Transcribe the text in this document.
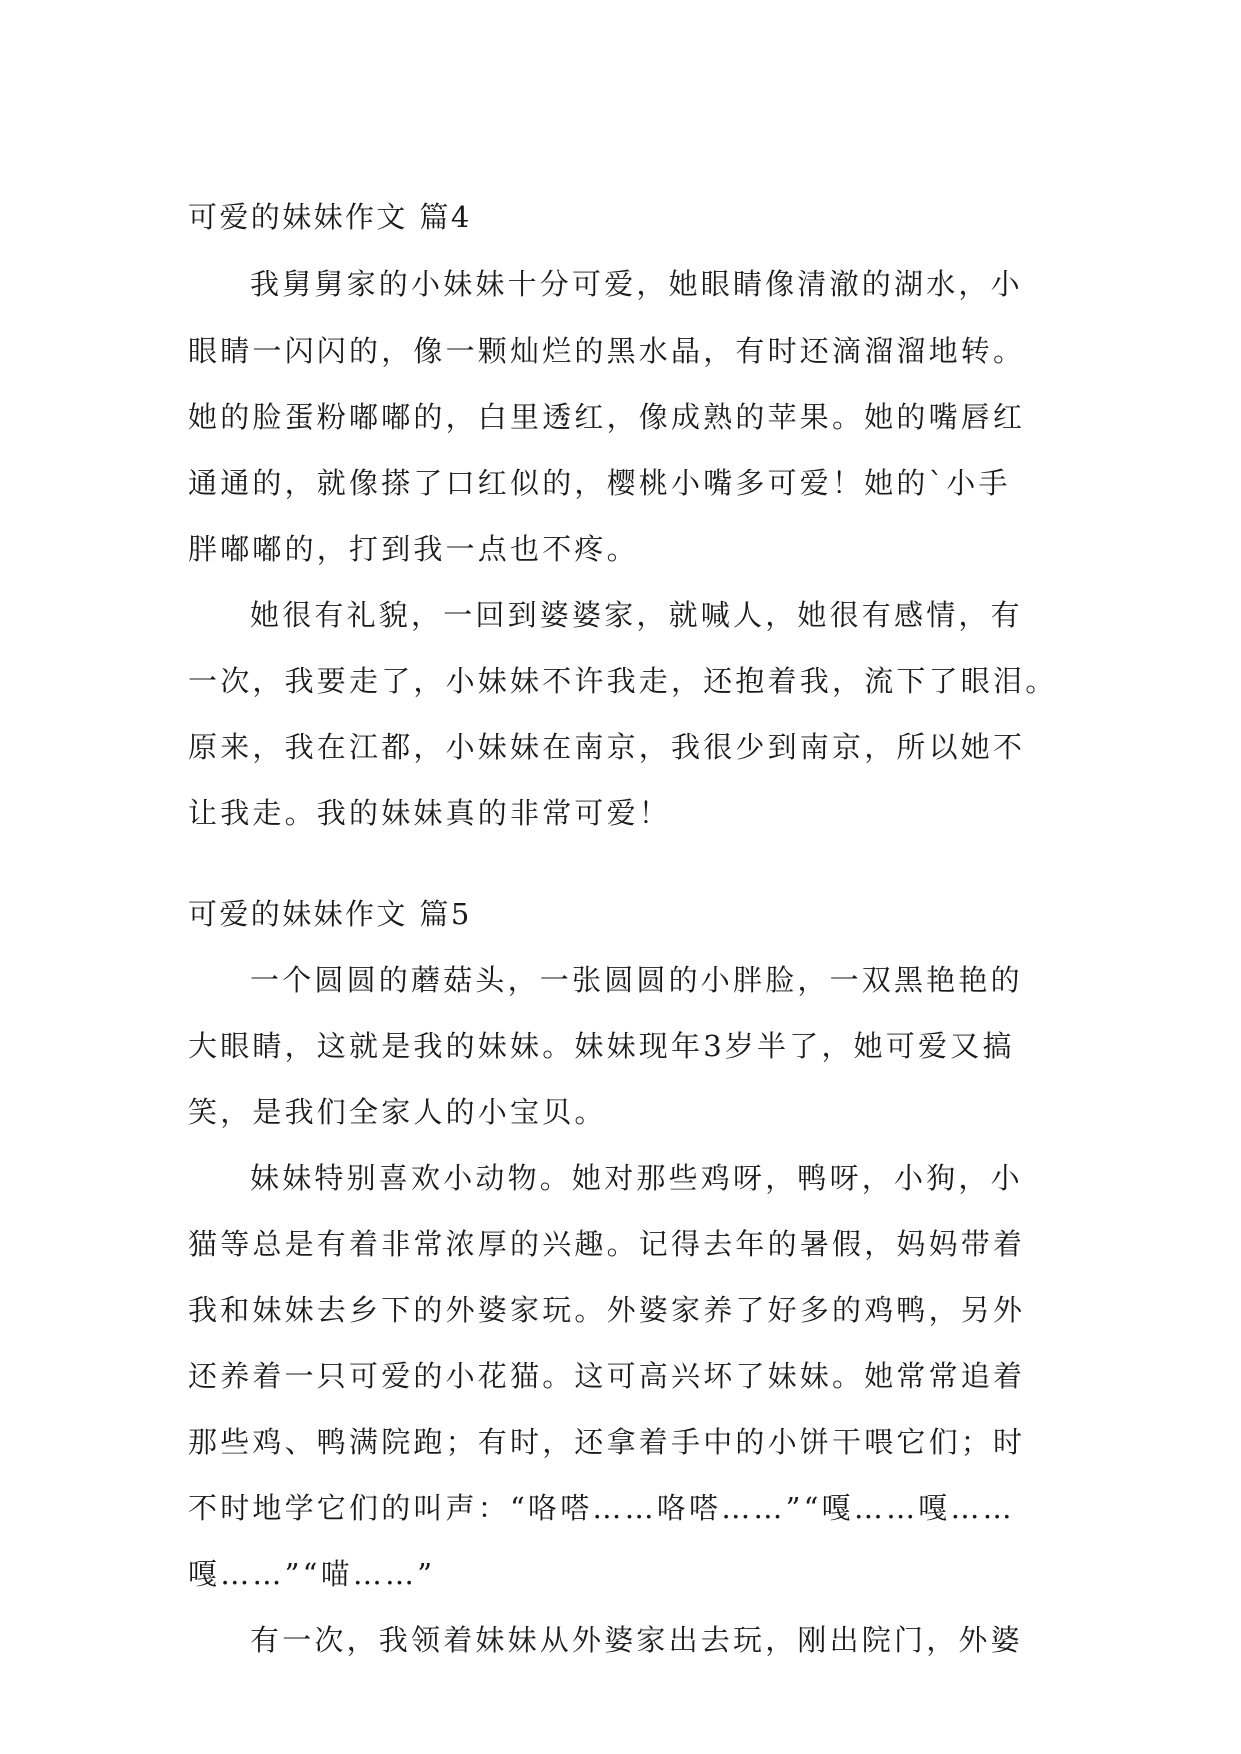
可爱的妹妹作文 篇4
我舅舅家的小妹妹十分可爱，她眼睛像清澈的湖水，小
眼睛一闪闪的，像一颗灿烂的黑水晶，有时还滴溜溜地转。
她的脸蛋粉嘟嘟的，白里透红，像成熟的苹果。她的嘴唇红
通通的，就像搽了口红似的，樱桃小嘴多可爱！她的`小手
胖嘟嘟的，打到我一点也不疼。
她很有礼貌，一回到婆婆家，就喊人，她很有感情，有
一次，我要走了，小妹妹不许我走，还抱着我，流下了眼泪。
原来，我在江都，小妹妹在南京，我很少到南京，所以她不
让我走。我的妹妹真的非常可爱！
可爱的妹妹作文 篇5
一个圆圆的蘑菇头，一张圆圆的小胖脸，一双黑艳艳的
大眼睛，这就是我的妹妹。妹妹现年3岁半了，她可爱又搞
笑，是我们全家人的小宝贝。
妹妹特别喜欢小动物。她对那些鸡呀，鸭呀，小狗，小
猫等总是有着非常浓厚的兴趣。记得去年的暑假，妈妈带着
我和妹妹去乡下的外婆家玩。外婆家养了好多的鸡鸭，另外
还养着一只可爱的小花猫。这可高兴坏了妹妹。她常常追着
那些鸡、鸭满院跑；有时，还拿着手中的小饼干喂它们；时
不时地学它们的叫声：“咯嗒……咯嗒……”“嘎……嘎……
嘎……”“喵……”
有一次，我领着妹妹从外婆家出去玩，刚出院门，外婆
